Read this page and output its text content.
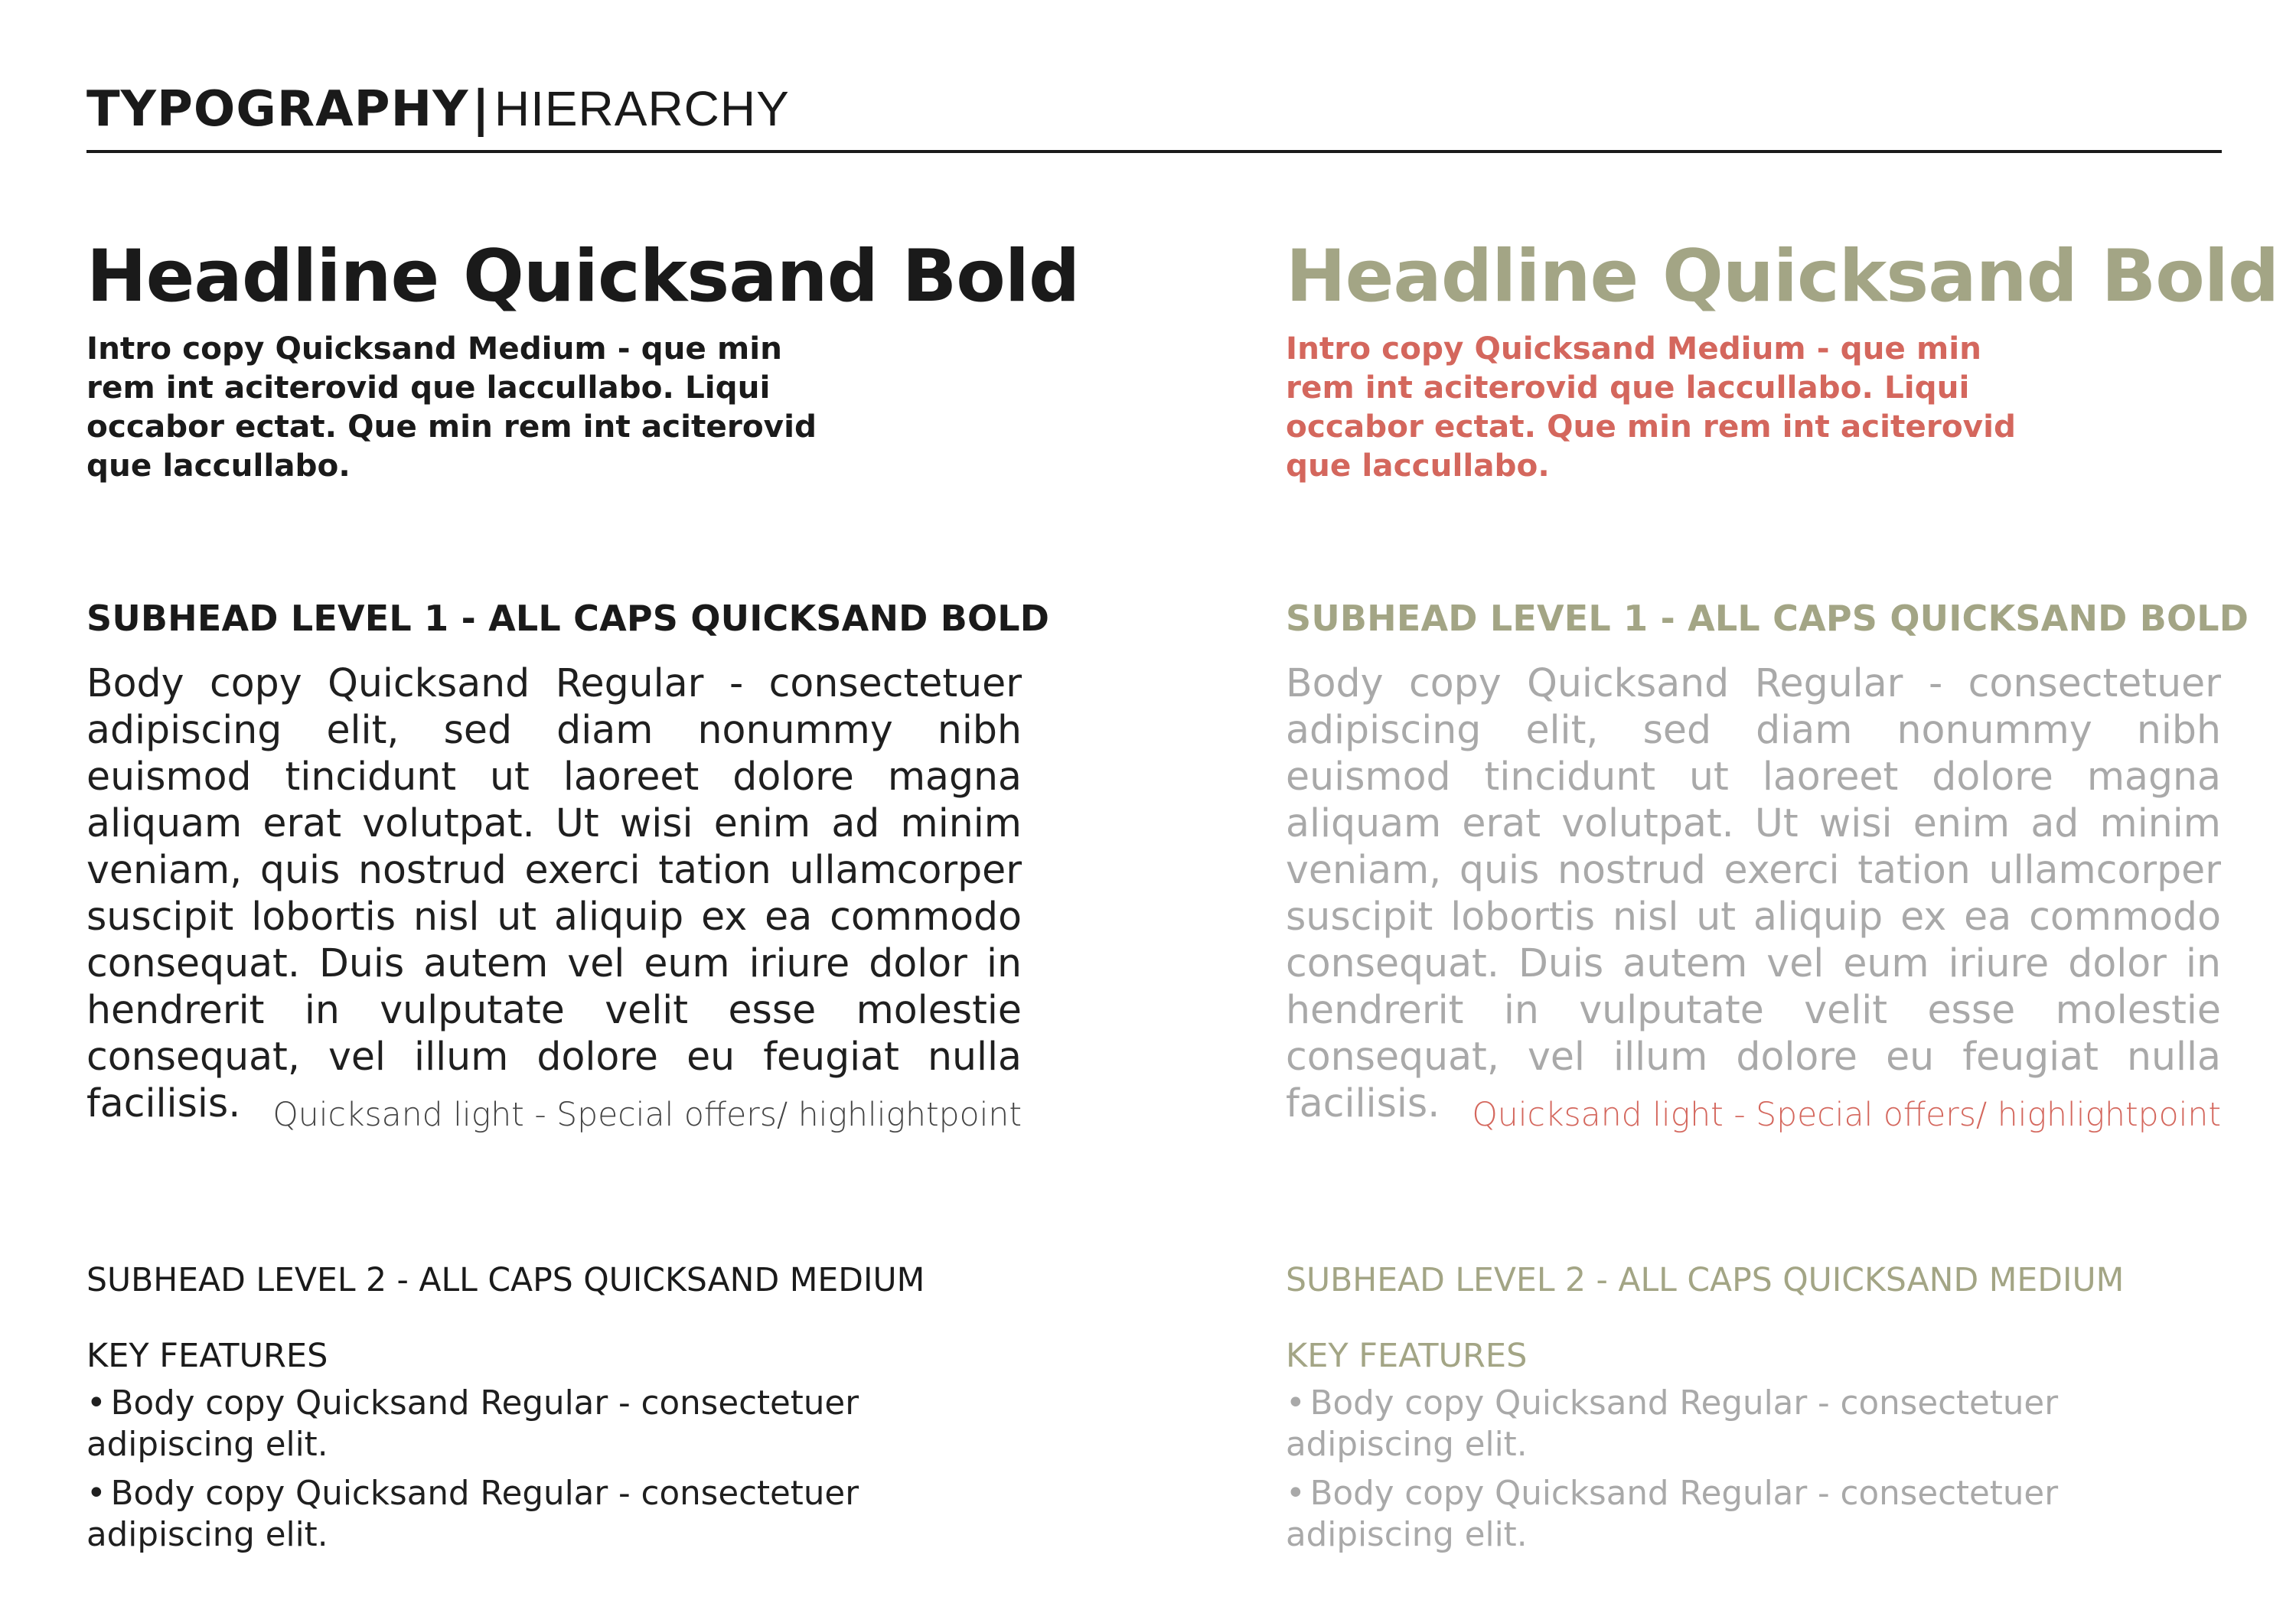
TYPOGRAPHY|HIERARCHY
Headline Quicksand Bold

Intro copy Quicksand Medium - que min rem int aciterovid que laccullabo. Liqui occabor ectat. Que min rem int aciterovid que laccullabo.

SUBHEAD LEVEL 1 - ALL CAPS QUICKSAND BOLD

Body copy Quicksand Regular - consectetuer adipiscing elit, sed diam nonummy nibh euismod tincidunt ut laoreet dolore magna aliquam erat volutpat. Ut wisi enim ad minim veniam, quis nostrud exerci tation ullamcorper suscipit lobortis nisl ut aliquip ex ea commodo consequat. Duis autem vel eum iriure dolor in hendrerit in vulputate velit esse molestie consequat, vel illum dolore eu feugiat nulla facilisis. Quicksand light - Special offers/ highlightpoint
SUBHEAD LEVEL 2 - ALL CAPS QUICKSAND MEDIUM
KEY FEATURES
• Body copy Quicksand Regular - consectetuer adipiscing elit.
• Body copy Quicksand Regular - consectetuer adipiscing elit.
Headline Quicksand Bold

Intro copy Quicksand Medium - que min rem int aciterovid que laccullabo. Liqui occabor ectat. Que min rem int aciterovid que laccullabo.

SUBHEAD LEVEL 1 - ALL CAPS QUICKSAND BOLD

Body copy Quicksand Regular - consectetuer adipiscing elit, sed diam nonummy nibh euismod tincidunt ut laoreet dolore magna aliquam erat volutpat. Ut wisi enim ad minim veniam, quis nostrud exerci tation ullamcorper suscipit lobortis nisl ut aliquip ex ea commodo consequat. Duis autem vel eum iriure dolor in hendrerit in vulputate velit esse molestie consequat, vel illum dolore eu feugiat nulla facilisis. Quicksand light - Special offers/ highlightpoint
SUBHEAD LEVEL 2 - ALL CAPS QUICKSAND MEDIUM
KEY FEATURES
• Body copy Quicksand Regular - consectetuer adipiscing elit.
• Body copy Quicksand Regular - consectetuer adipiscing elit.
